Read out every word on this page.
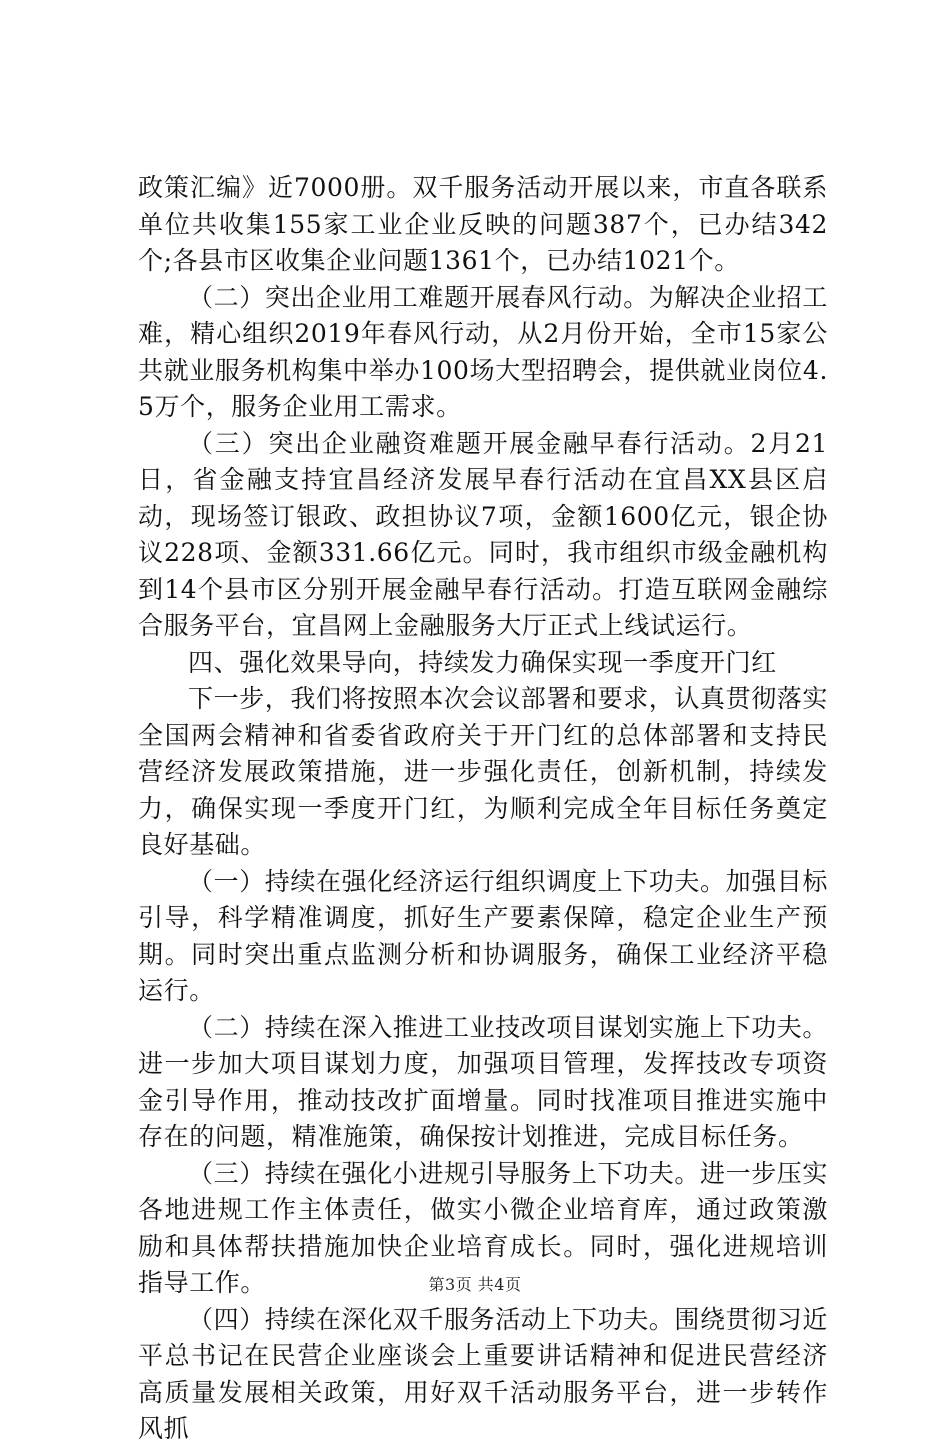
政策汇编》近7000册。双千服务活动开展以来，市直各联系单位共收集155家工业企业反映的问题387个，已办结342个;各县市区收集企业问题1361个，已办结1021个。

（二）突出企业用工难题开展春风行动。为解决企业招工难，精心组织2019年春风行动，从2月份开始，全市15家公共就业服务机构集中举办100场大型招聘会，提供就业岗位4.5万个，服务企业用工需求。

（三）突出企业融资难题开展金融早春行活动。2月21日，省金融支持宜昌经济发展早春行活动在宜昌XX县区启动，现场签订银政、政担协议7项，金额1600亿元，银企协议228项、金额331.66亿元。同时，我市组织市级金融机构到14个县市区分别开展金融早春行活动。打造互联网金融综合服务平台，宜昌网上金融服务大厅正式上线试运行。

四、强化效果导向，持续发力确保实现一季度开门红

下一步，我们将按照本次会议部署和要求，认真贯彻落实全国两会精神和省委省政府关于开门红的总体部署和支持民营经济发展政策措施，进一步强化责任，创新机制，持续发力，确保实现一季度开门红，为顺利完成全年目标任务奠定良好基础。

（一）持续在强化经济运行组织调度上下功夫。加强目标引导，科学精准调度，抓好生产要素保障，稳定企业生产预期。同时突出重点监测分析和协调服务，确保工业经济平稳运行。

（二）持续在深入推进工业技改项目谋划实施上下功夫。进一步加大项目谋划力度，加强项目管理，发挥技改专项资金引导作用，推动技改扩面增量。同时找准项目推进实施中存在的问题，精准施策，确保按计划推进，完成目标任务。

（三）持续在强化小进规引导服务上下功夫。进一步压实各地进规工作主体责任，做实小微企业培育库，通过政策激励和具体帮扶措施加快企业培育成长。同时，强化进规培训指导工作。

（四）持续在深化双千服务活动上下功夫。围绕贯彻习近平总书记在民营企业座谈会上重要讲话精神和促进民营经济高质量发展相关政策，用好双千活动服务平台，进一步转作风抓

第3页 共4页
